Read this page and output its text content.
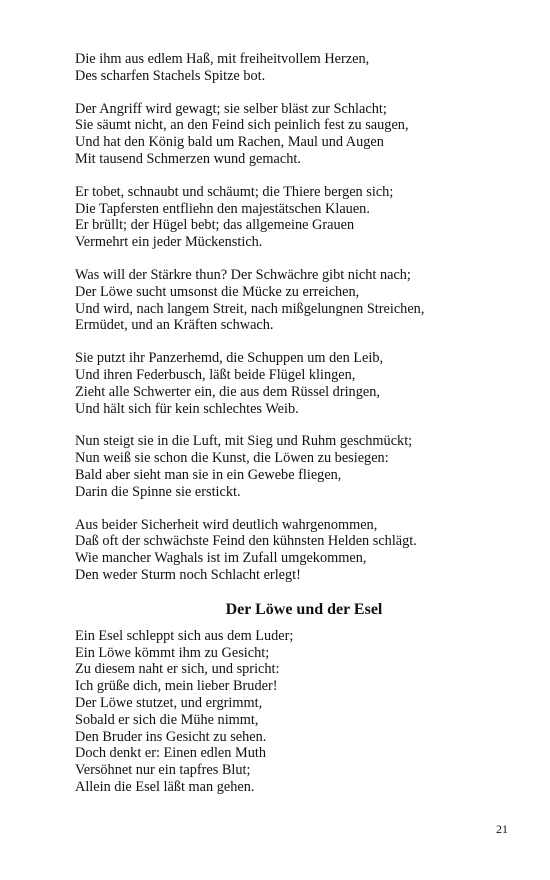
Die ihm aus edlem Haß, mit freiheitvollem Herzen,
Des scharfen Stachels Spitze bot.
Der Angriff wird gewagt; sie selber bläst zur Schlacht;
Sie säumt nicht, an den Feind sich peinlich fest zu saugen,
Und hat den König bald um Rachen, Maul und Augen
Mit tausend Schmerzen wund gemacht.
Er tobet, schnaubt und schäumt; die Thiere bergen sich;
Die Tapfersten entfliehn den majestätschen Klauen.
Er brüllt; der Hügel bebt; das allgemeine Grauen
Vermehrt ein jeder Mückenstich.
Was will der Stärkre thun? Der Schwächre gibt nicht nach;
Der Löwe sucht umsonst die Mücke zu erreichen,
Und wird, nach langem Streit, nach mißgelungnen Streichen,
Ermüdet, und an Kräften schwach.
Sie putzt ihr Panzerhemd, die Schuppen um den Leib,
Und ihren Federbusch, läßt beide Flügel klingen,
Zieht alle Schwerter ein, die aus dem Rüssel dringen,
Und hält sich für kein schlechtes Weib.
Nun steigt sie in die Luft, mit Sieg und Ruhm geschmückt;
Nun weiß sie schon die Kunst, die Löwen zu besiegen:
Bald aber sieht man sie in ein Gewebe fliegen,
Darin die Spinne sie erstickt.
Aus beider Sicherheit wird deutlich wahrgenommen,
Daß oft der schwächste Feind den kühnsten Helden schlägt.
Wie mancher Waghals ist im Zufall umgekommen,
Den weder Sturm noch Schlacht erlegt!
Der Löwe und der Esel
Ein Esel schleppt sich aus dem Luder;
Ein Löwe kömmt ihm zu Gesicht;
Zu diesem naht er sich, und spricht:
Ich grüße dich, mein lieber Bruder!
Der Löwe stutzet, und ergrimmt,
Sobald er sich die Mühe nimmt,
Den Bruder ins Gesicht zu sehen.
Doch denkt er: Einen edlen Muth
Versöhnet nur ein tapfres Blut;
Allein die Esel läßt man gehen.
21
